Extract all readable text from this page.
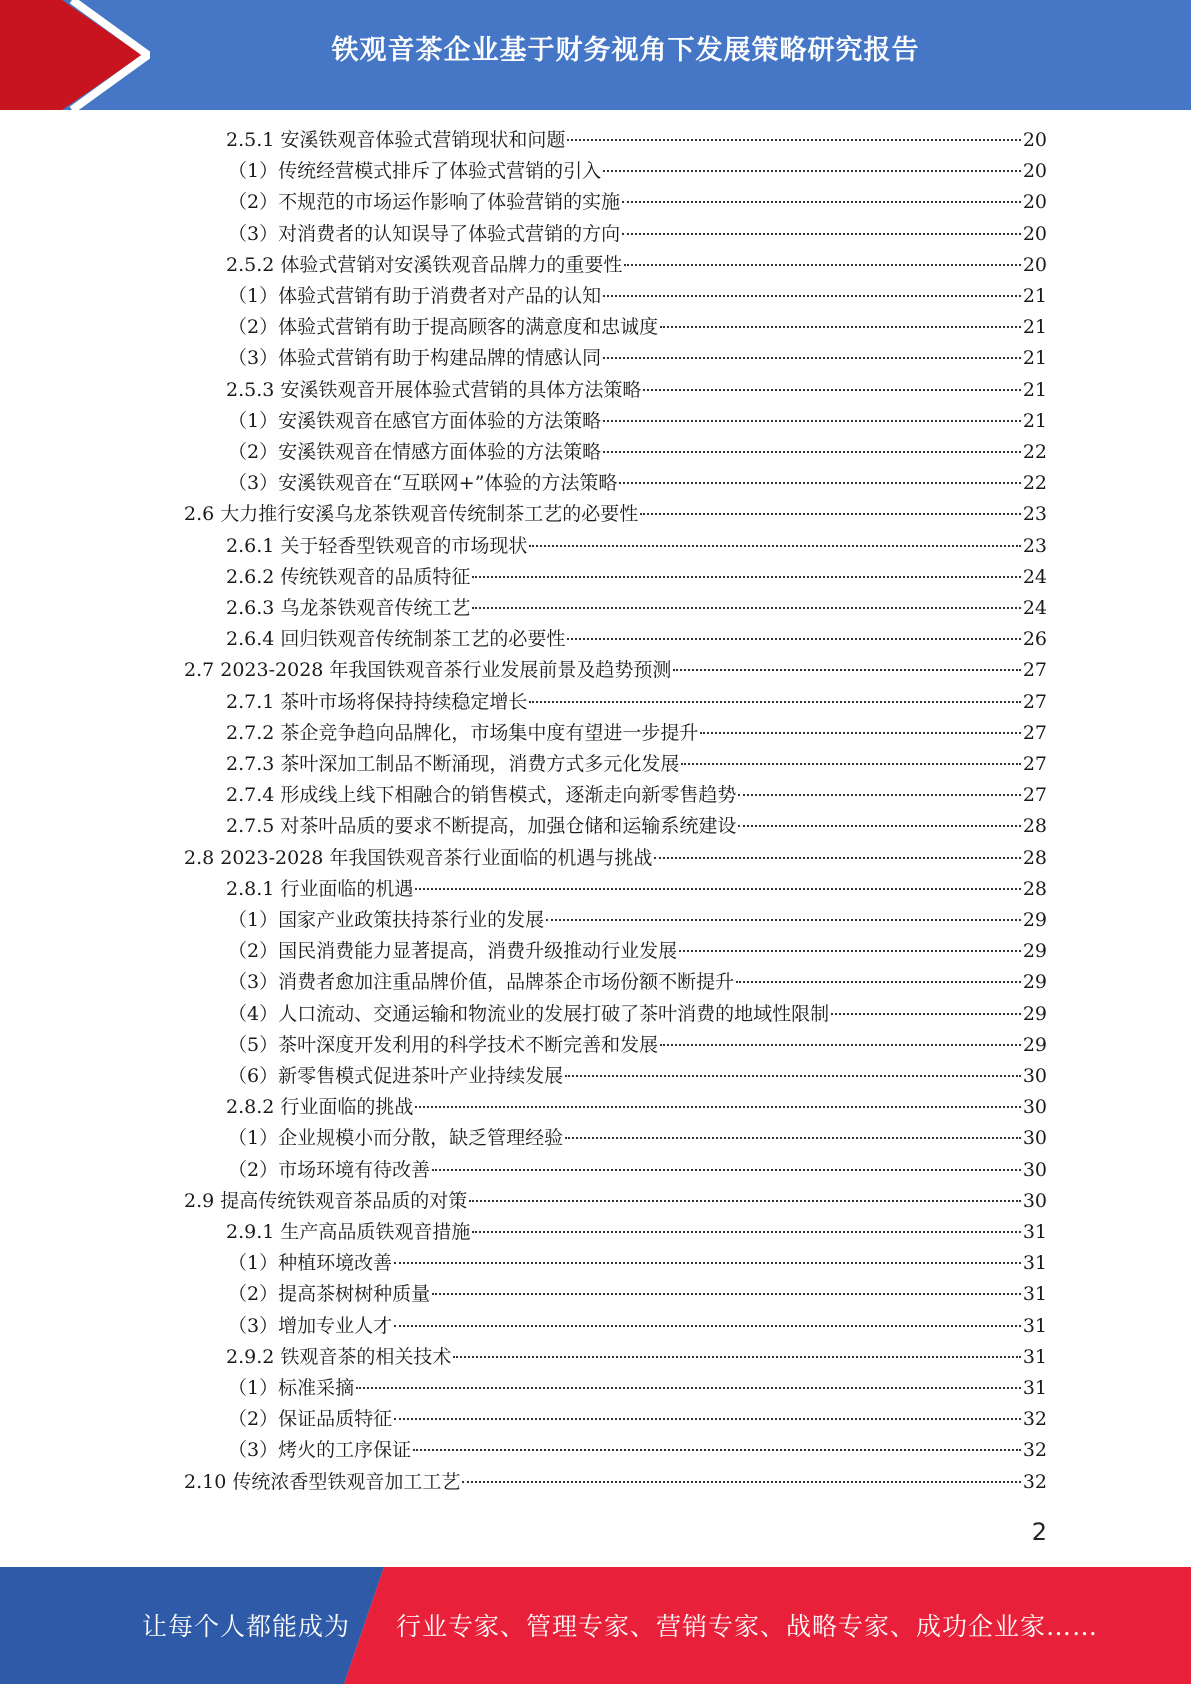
铁观音茶企业基于财务视角下发展策略研究报告
2.5.1 安溪铁观音体验式营销现状和问题	20
（1）传统经营模式排斥了体验式营销的引入	20
（2）不规范的市场运作影响了体验营销的实施	20
（3）对消费者的认知误导了体验式营销的方向	20
2.5.2 体验式营销对安溪铁观音品牌力的重要性	20
（1）体验式营销有助于消费者对产品的认知	21
（2）体验式营销有助于提高顾客的满意度和忠诚度	21
（3）体验式营销有助于构建品牌的情感认同	21
2.5.3 安溪铁观音开展体验式营销的具体方法策略	21
（1）安溪铁观音在感官方面体验的方法策略	21
（2）安溪铁观音在情感方面体验的方法策略	22
（3）安溪铁观音在“互联网+”体验的方法策略	22
2.6 大力推行安溪乌龙茶铁观音传统制茶工艺的必要性	23
2.6.1 关于轻香型铁观音的市场现状	23
2.6.2 传统铁观音的品质特征	24
2.6.3 乌龙茶铁观音传统工艺	24
2.6.4 回归铁观音传统制茶工艺的必要性	26
2.7 2023-2028 年我国铁观音茶行业发展前景及趋势预测	27
2.7.1 茶叶市场将保持持续稳定增长	27
2.7.2 茶企竞争趋向品牌化，市场集中度有望进一步提升	27
2.7.3 茶叶深加工制品不断涌现，消费方式多元化发展	27
2.7.4 形成线上线下相融合的销售模式，逐渐走向新零售趋势	27
2.7.5 对茶叶品质的要求不断提高，加强仓储和运输系统建设	28
2.8 2023-2028 年我国铁观音茶行业面临的机遇与挑战	28
2.8.1 行业面临的机遇	28
（1）国家产业政策扶持茶行业的发展	29
（2）国民消费能力显著提高，消费升级推动行业发展	29
（3）消费者愈加注重品牌价值，品牌茶企市场份额不断提升	29
（4）人口流动、交通运输和物流业的发展打破了茶叶消费的地域性限制	29
（5）茶叶深度开发利用的科学技术不断完善和发展	29
（6）新零售模式促进茶叶产业持续发展	30
2.8.2 行业面临的挑战	30
（1）企业规模小而分散，缺乏管理经验	30
（2）市场环境有待改善	30
2.9 提高传统铁观音茶品质的对策	30
2.9.1 生产高品质铁观音措施	31
（1）种植环境改善	31
（2）提高茶树树种质量	31
（3）增加专业人才	31
2.9.2 铁观音茶的相关技术	31
（1）标准采摘	31
（2）保证品质特征	32
（3）烤火的工序保证	32
2.10 传统浓香型铁观音加工工艺	32
2
让每个人都能成为 行业专家、管理专家、营销专家、战略专家、成功企业家……
